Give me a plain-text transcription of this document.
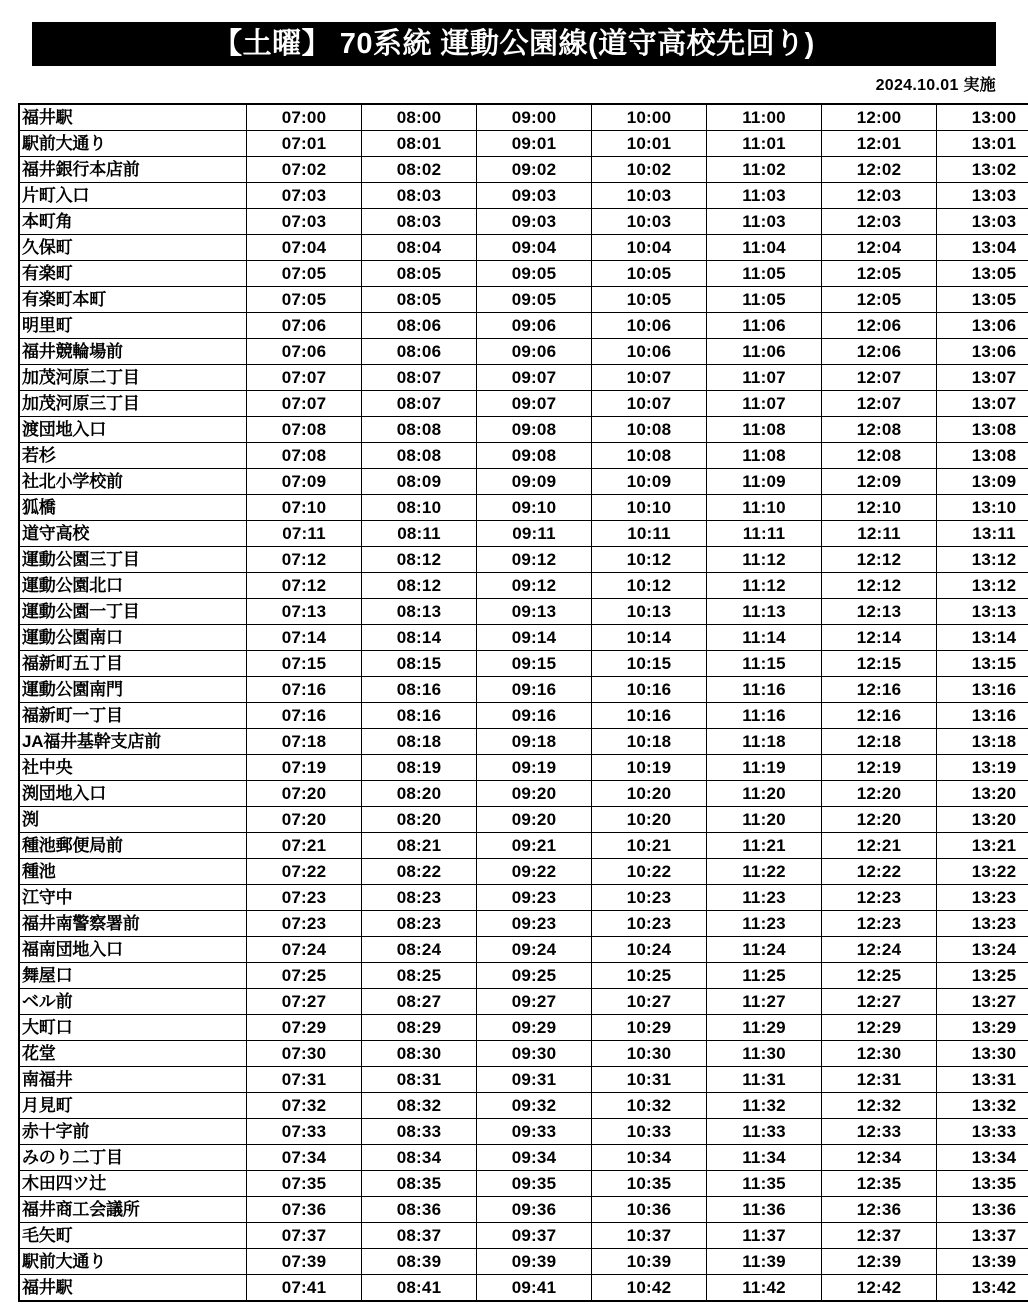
【土曜】 70系統 運動公園線(道守高校先回り)
2024.10.01 実施
福井駅	07:00	08:00	09:00	10:00	11:00	12:00	13:00
駅前大通り	07:01	08:01	09:01	10:01	11:01	12:01	13:01
福井銀行本店前	07:02	08:02	09:02	10:02	11:02	12:02	13:02
片町入口	07:03	08:03	09:03	10:03	11:03	12:03	13:03
本町角	07:03	08:03	09:03	10:03	11:03	12:03	13:03
久保町	07:04	08:04	09:04	10:04	11:04	12:04	13:04
有楽町	07:05	08:05	09:05	10:05	11:05	12:05	13:05
有楽町本町	07:05	08:05	09:05	10:05	11:05	12:05	13:05
明里町	07:06	08:06	09:06	10:06	11:06	12:06	13:06
福井競輪場前	07:06	08:06	09:06	10:06	11:06	12:06	13:06
加茂河原二丁目	07:07	08:07	09:07	10:07	11:07	12:07	13:07
加茂河原三丁目	07:07	08:07	09:07	10:07	11:07	12:07	13:07
渡団地入口	07:08	08:08	09:08	10:08	11:08	12:08	13:08
若杉	07:08	08:08	09:08	10:08	11:08	12:08	13:08
社北小学校前	07:09	08:09	09:09	10:09	11:09	12:09	13:09
狐橋	07:10	08:10	09:10	10:10	11:10	12:10	13:10
道守高校	07:11	08:11	09:11	10:11	11:11	12:11	13:11
運動公園三丁目	07:12	08:12	09:12	10:12	11:12	12:12	13:12
運動公園北口	07:12	08:12	09:12	10:12	11:12	12:12	13:12
運動公園一丁目	07:13	08:13	09:13	10:13	11:13	12:13	13:13
運動公園南口	07:14	08:14	09:14	10:14	11:14	12:14	13:14
福新町五丁目	07:15	08:15	09:15	10:15	11:15	12:15	13:15
運動公園南門	07:16	08:16	09:16	10:16	11:16	12:16	13:16
福新町一丁目	07:16	08:16	09:16	10:16	11:16	12:16	13:16
JA福井基幹支店前	07:18	08:18	09:18	10:18	11:18	12:18	13:18
社中央	07:19	08:19	09:19	10:19	11:19	12:19	13:19
渕団地入口	07:20	08:20	09:20	10:20	11:20	12:20	13:20
渕	07:20	08:20	09:20	10:20	11:20	12:20	13:20
種池郵便局前	07:21	08:21	09:21	10:21	11:21	12:21	13:21
種池	07:22	08:22	09:22	10:22	11:22	12:22	13:22
江守中	07:23	08:23	09:23	10:23	11:23	12:23	13:23
福井南警察署前	07:23	08:23	09:23	10:23	11:23	12:23	13:23
福南団地入口	07:24	08:24	09:24	10:24	11:24	12:24	13:24
舞屋口	07:25	08:25	09:25	10:25	11:25	12:25	13:25
ベル前	07:27	08:27	09:27	10:27	11:27	12:27	13:27
大町口	07:29	08:29	09:29	10:29	11:29	12:29	13:29
花堂	07:30	08:30	09:30	10:30	11:30	12:30	13:30
南福井	07:31	08:31	09:31	10:31	11:31	12:31	13:31
月見町	07:32	08:32	09:32	10:32	11:32	12:32	13:32
赤十字前	07:33	08:33	09:33	10:33	11:33	12:33	13:33
みのり二丁目	07:34	08:34	09:34	10:34	11:34	12:34	13:34
木田四ツ辻	07:35	08:35	09:35	10:35	11:35	12:35	13:35
福井商工会議所	07:36	08:36	09:36	10:36	11:36	12:36	13:36
毛矢町	07:37	08:37	09:37	10:37	11:37	12:37	13:37
駅前大通り	07:39	08:39	09:39	10:39	11:39	12:39	13:39
福井駅	07:41	08:41	09:41	10:42	11:42	12:42	13:42
